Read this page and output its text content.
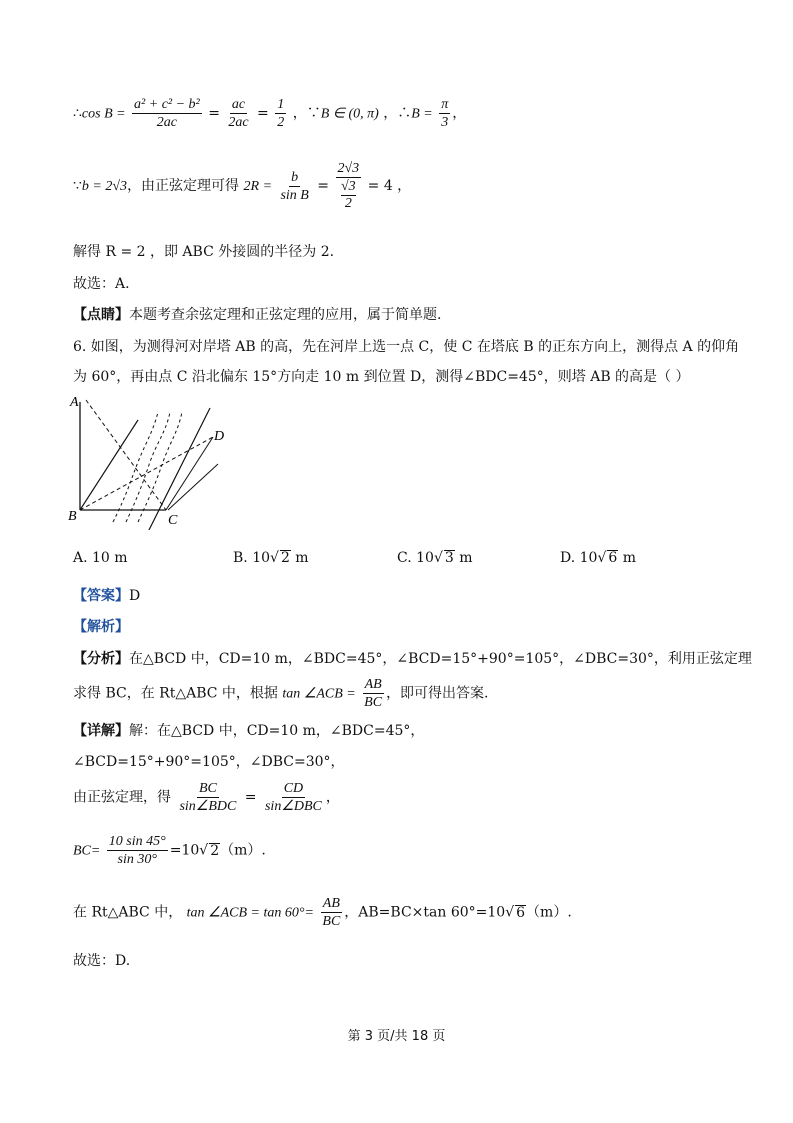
∴cos $B = \frac{\text{a² + c² − b²}}{2ac} = \frac{ac}{2ac} = \frac{1}{2}$ ，∵B ∈ (0, π) ，∴B = $\frac{\pi}{3}$ ，
∵b = 2√3，由正弦定理可得 $2R = \frac{b}{\text{sin B}} = \frac{2√3}{\frac{√3}{2}} = 4$ ，
解得 R = 2 ，即 ABC 外接圆的半径为 2.
故选：A.
【点睛】本题考查余弦定理和正弦定理的应用，属于简单题.
6. 如图，为测得河对岸塔 AB 的高，先在河岸上选一点 C，使 C 在塔底 B 的正东方向上，测得点 A 的仰角
为 60°，再由点 C 沿北偏东 15°方向走 10 m 到位置 D，测得∠BDC=45°，则塔 AB 的高是（ ）
A
B	C
D
A. 10 m	B. 10√ 2 m	C. 10√ 3 m	D. 10√ 6 m
【答案】D
【解析】
【分析】在△BCD 中，CD=10 m，∠BDC=45°，∠BCD=15°+90°=105°，∠DBC=30°，利用正弦定理
求得 BC，在 Rt△ABC 中，根据 tan ∠ACB = $\frac{AB}{BC}$ ，即可得出答案.
【详解】解：在△BCD 中，CD=10 m，∠BDC=45°，
∠BCD=15°+90°=105°，∠DBC=30°，
由正弦定理，得 $\frac{BC}{\text{sin∠BDC}} = \frac{CD}{\text{sin∠DBC}}$ ，
$BC= \frac{10 \sin 45^\circ}{\sin 30^\circ} =10√$ 2（m）.
在 Rt△ABC 中， tan ∠ACB = $\tan 60^\circ= \frac{AB}{BC}$ ，AB=BC×tan 60°=10√ 6（m）.
故选：D.
第 3 页/共 18 页
